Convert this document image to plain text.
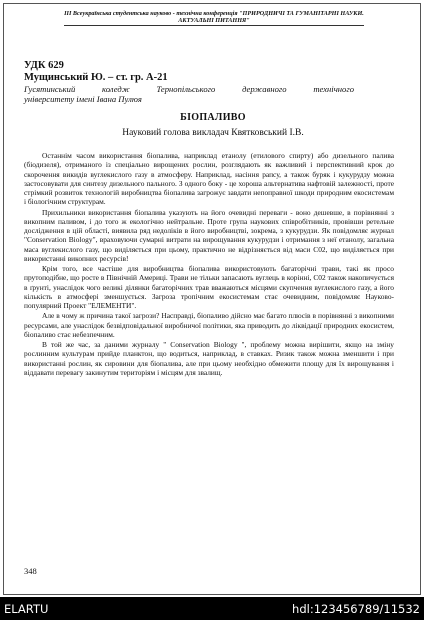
III Всеукраїнська студентська науково - технічна конференція "ПРИРОДНИЧІ ТА ГУМАНІТАРНІ НАУКИ. АКТУАЛЬНІ ПИТАННЯ"
УДК 629
Мущинський Ю. – ст. гр. А-21
Гусятинський коледж Тернопільського державного технічного
університету імені Івана Пулюя
БІОПАЛИВО
Науковий голова викладач Квятковський І.В.

Останнім часом використання біопалива, наприклад етанолу (етилового спирту) або дизельного палива (біодизеля), отриманого із спеціально вирощених рослин, розглядають як важливий і перспективний крок до скорочення викидів вуглекислого газу в атмосферу. Наприклад, насіння рапсу, а також буряк і кукурудзу можна застосовувати для синтезу дизельного пального. З одного боку - це хороша альтернатива нафтовій залежності, проте стрімкий розвиток технологій виробництва біопалива загрожує завдати непоправної шкоди природним екосистемам і біологічним структурам.

Прихильники використання біопалива указують на його очевидні переваги - воно дешевше, в порівнянні з викопним паливом, і до того ж екологічно нейтральне. Проте група наукових співробітників, провівши ретельне дослідження в цій області, виявила ряд недоліків в його виробництві, зокрема, з кукурудзи. Як повідомляє журнал "Conservation Biology", враховуючи сумарні витрати на вирощування кукурудзи і отримання з неї етанолу, загальна маса вуглекислого газу, що виділяється при цьому, практично не відрізняється від маси С02, що виділяється при використанні викопних ресурсів!

Крім того, все частіше для виробництва біопалива використовують багаторічні трави, такі як просо прутоподібне, що росте в Північній Америці. Трави не тільки запасають вуглець в корінні, С02 також накопичується в ґрунті, унаслідок чого великі ділянки багаторічних трав вважаються місцями скупчення вуглекислого газу, а його кількість в атмосфері зменшується. Загроза тропічним екосистемам стає очевидним, повідомляє Науково-популярний Проект "ЕЛЕМЕНТИ".

Але в чому ж причина такої загрози? Насправді, біопаливо дійсно має багато плюсів в порівнянні з викопними ресурсами, але унаслідок безвідповідальної виробничої політики, яка приводить до ліквідації природних екосистем, біопаливо стає небезпечним.

В той же час, за даними журналу " Conservation Biology ", проблему можна вирішити, якщо на зміну рослинним культурам прийде планктон, що водиться, наприклад, в ставках. Ризик також можна зменшити і при використанні рослин, як сировини для біопалива, але при цьому необхідно обмежити площу для їх вирощування і віддавати перевагу закинутим територіям і місцям для звалищ.

348
ELARTU	hdl:123456789/11532
